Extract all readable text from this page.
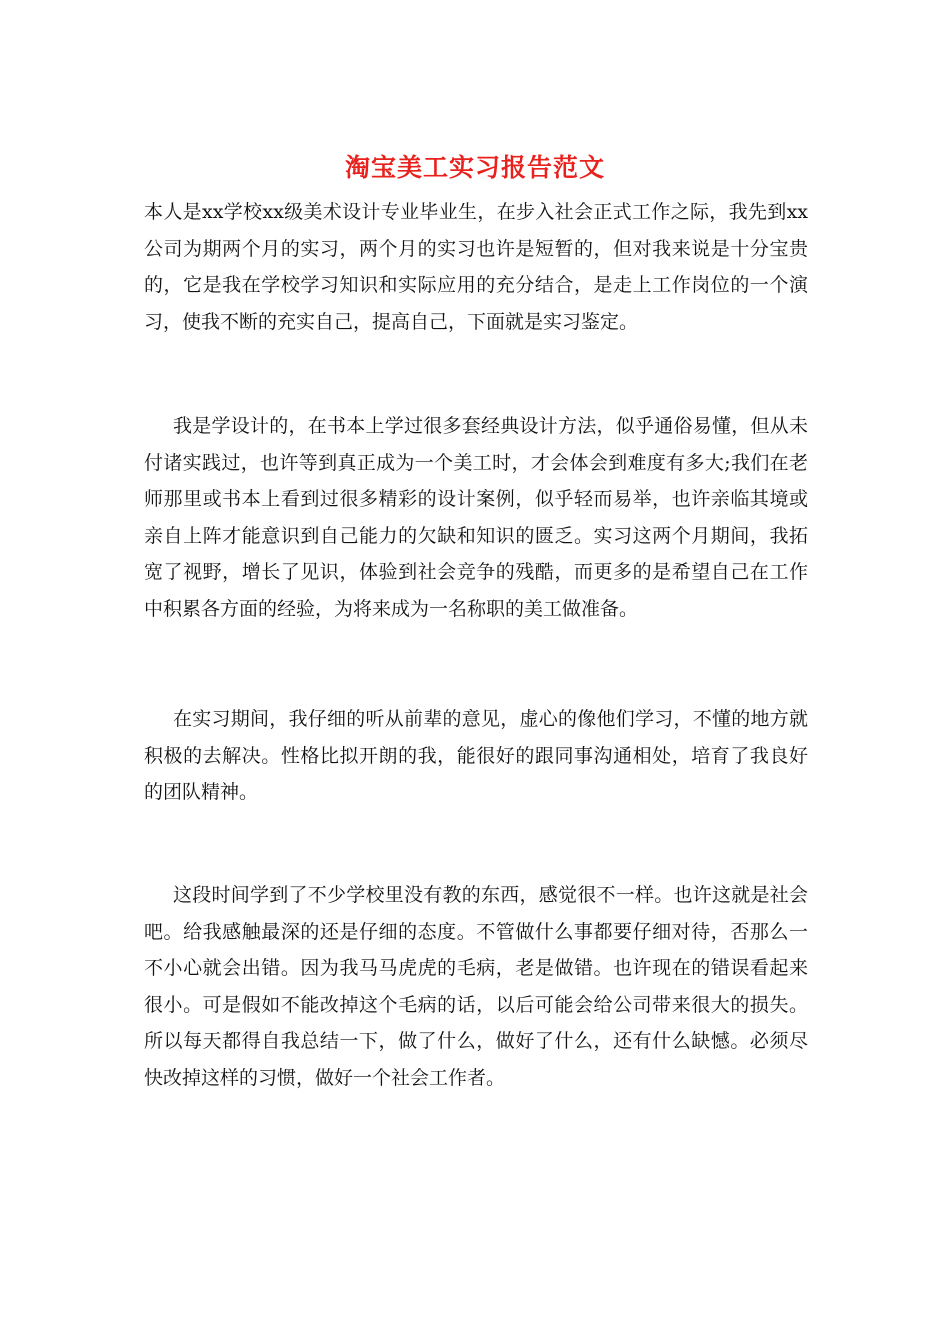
淘宝美工实习报告范文

本人是xx学校xx级美术设计专业毕业生，在步入社会正式工作之际，我先到xx公司为期两个月的实习，两个月的实习也许是短暂的，但对我来说是十分宝贵的，它是我在学校学习知识和实际应用的充分结合，是走上工作岗位的一个演习，使我不断的充实自己，提高自己，下面就是实习鉴定。

我是学设计的，在书本上学过很多套经典设计方法，似乎通俗易懂，但从未付诸实践过，也许等到真正成为一个美工时，才会体会到难度有多大;我们在老师那里或书本上看到过很多精彩的设计案例，似乎轻而易举，也许亲临其境或亲自上阵才能意识到自己能力的欠缺和知识的匮乏。实习这两个月期间，我拓宽了视野，增长了见识，体验到社会竞争的残酷，而更多的是希望自己在工作中积累各方面的经验，为将来成为一名称职的美工做准备。

在实习期间，我仔细的听从前辈的意见，虚心的像他们学习，不懂的地方就积极的去解决。性格比拟开朗的我，能很好的跟同事沟通相处，培育了我良好的团队精神。

这段时间学到了不少学校里没有教的东西，感觉很不一样。也许这就是社会吧。给我感触最深的还是仔细的态度。不管做什么事都要仔细对待，否那么一不小心就会出错。因为我马马虎虎的毛病，老是做错。也许现在的错误看起来很小。可是假如不能改掉这个毛病的话，以后可能会给公司带来很大的损失。所以每天都得自我总结一下，做了什么，做好了什么，还有什么缺憾。必须尽快改掉这样的习惯，做好一个社会工作者。
